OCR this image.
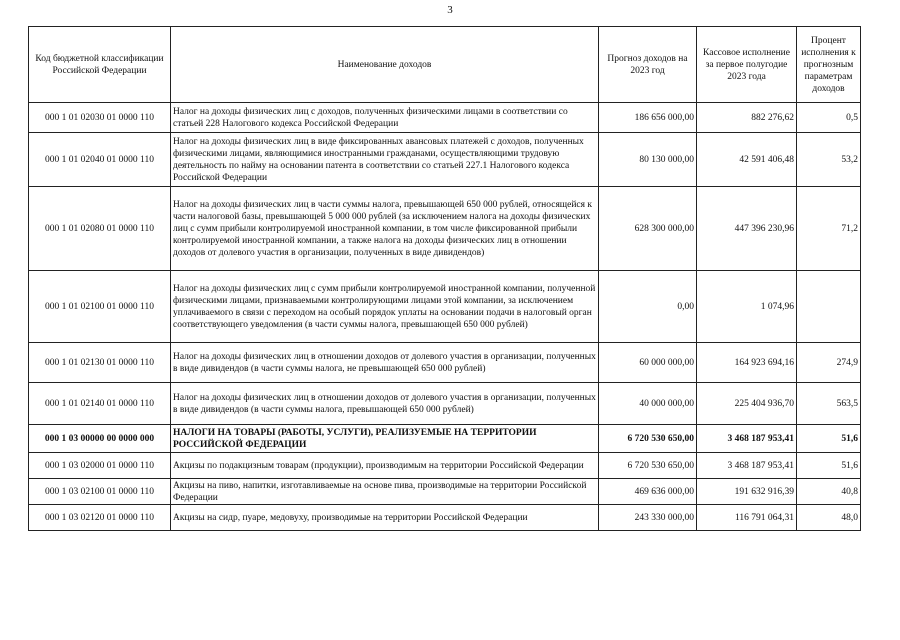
3
Код бюджетной классификации Российской Федерации	Наименование доходов	Прогноз доходов на 2023 год	Кассовое исполнение за первое полугодие 2023 года	Процент исполнения к прогнозным параметрам доходов
000 1 01 02030 01 0000 110	Налог на доходы физических лиц с доходов, полученных физическими лицами в соответствии со статьей 228 Налогового кодекса Российской Федерации	186 656 000,00	882 276,62	0,5
000 1 01 02040 01 0000 110	Налог на доходы физических лиц в виде фиксированных авансовых платежей с доходов, полученных физическими лицами, являющимися иностранными гражданами, осуществляющими трудовую деятельность по найму на основании патента в соответствии со статьей 227.1 Налогового кодекса Российской Федерации	80 130 000,00	42 591 406,48	53,2
000 1 01 02080 01 0000 110	Налог на доходы физических лиц в части суммы налога, превышающей 650 000 рублей, относящейся к части налоговой базы, превышающей 5 000 000 рублей (за исключением налога на доходы физических лиц с сумм прибыли контролируемой иностранной компании, в том числе фиксированной прибыли контролируемой иностранной компании, а также налога на доходы физических лиц в отношении доходов от долевого участия в организации, полученных в виде дивидендов)	628 300 000,00	447 396 230,96	71,2
000 1 01 02100 01 0000 110	Налог на доходы физических лиц с сумм прибыли контролируемой иностранной компании, полученной физическими лицами, признаваемыми контролирующими лицами этой компании, за исключением уплачиваемого в связи с переходом на особый порядок уплаты на основании подачи в налоговый орган соответствующего уведомления (в части суммы налога, превышающей 650 000 рублей)	0,00	1 074,96	
000 1 01 02130 01 0000 110	Налог на доходы физических лиц в отношении доходов от долевого участия в организации, полученных в виде дивидендов (в части суммы налога, не превышающей 650 000 рублей)	60 000 000,00	164 923 694,16	274,9
000 1 01 02140 01 0000 110	Налог на доходы физических лиц в отношении доходов от долевого участия в организации, полученных в виде дивидендов (в части суммы налога, превышающей 650 000 рублей)	40 000 000,00	225 404 936,70	563,5
000 1 03 00000 00 0000 000	НАЛОГИ НА ТОВАРЫ (РАБОТЫ, УСЛУГИ), РЕАЛИЗУЕМЫЕ НА ТЕРРИТОРИИ РОССИЙСКОЙ ФЕДЕРАЦИИ	6 720 530 650,00	3 468 187 953,41	51,6
000 1 03 02000 01 0000 110	Акцизы по подакцизным товарам (продукции), производимым на территории Российской Федерации	6 720 530 650,00	3 468 187 953,41	51,6
000 1 03 02100 01 0000 110	Акцизы на пиво, напитки, изготавливаемые на основе пива, производимые на территории Российской Федерации	469 636 000,00	191 632 916,39	40,8
000 1 03 02120 01 0000 110	Акцизы на сидр, пуаре, медовуху, производимые на территории Российской Федерации	243 330 000,00	116 791 064,31	48,0
